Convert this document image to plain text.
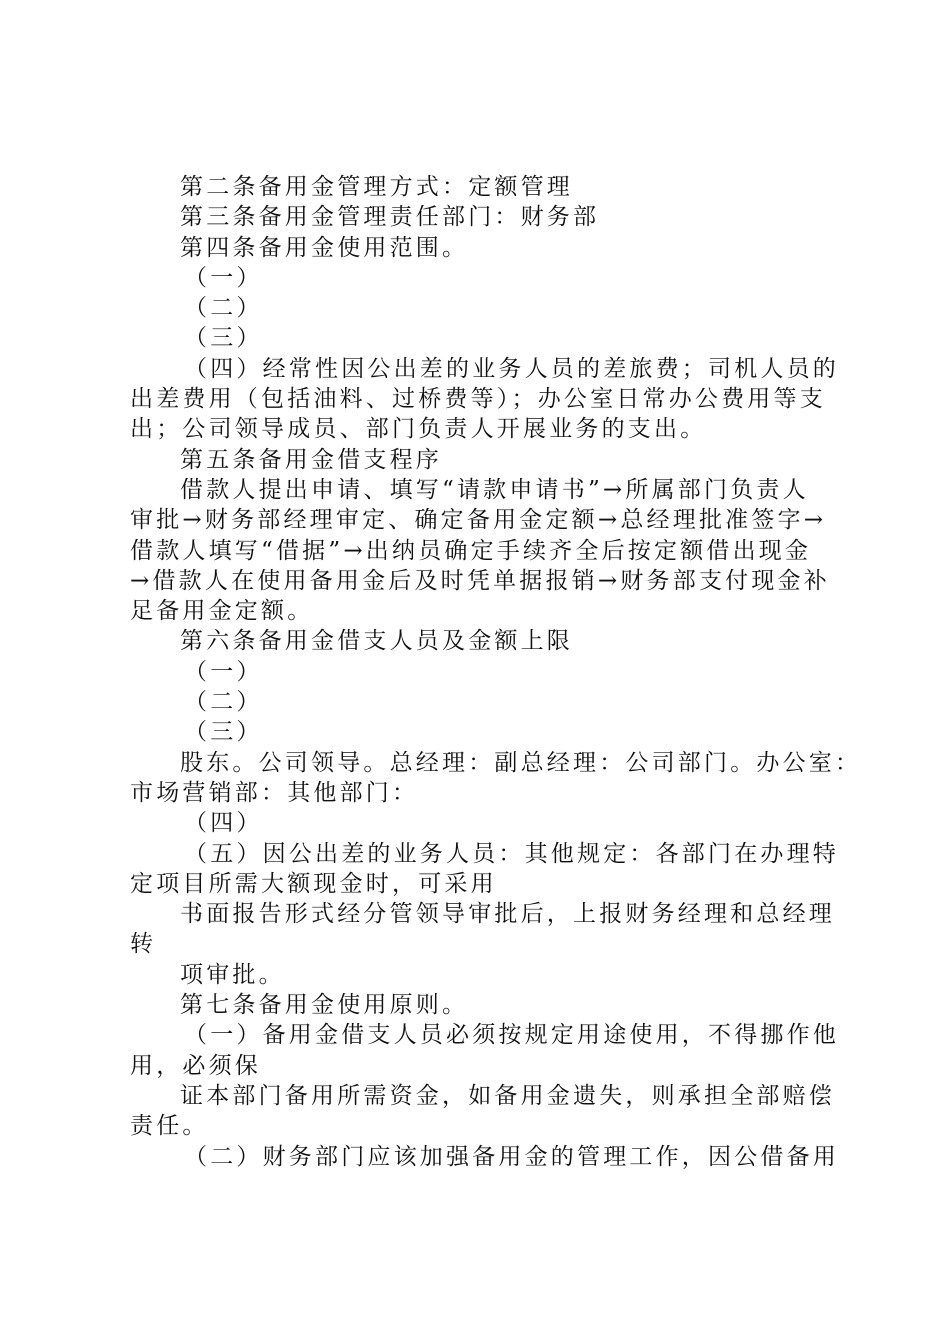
第二条备用金管理方式：定额管理
第三条备用金管理责任部门：财务部
第四条备用金使用范围。
（一）
（二）
（三）
（四）经常性因公出差的业务人员的差旅费；司机人员的
出差费用（包括油料、过桥费等）；办公室日常办公费用等支
出；公司领导成员、部门负责人开展业务的支出。
第五条备用金借支程序
借款人提出申请、填写“请款申请书”→所属部门负责人
审批→财务部经理审定、确定备用金定额→总经理批准签字→
借款人填写“借据”→出纳员确定手续齐全后按定额借出现金
→借款人在使用备用金后及时凭单据报销→财务部支付现金补
足备用金定额。
第六条备用金借支人员及金额上限
（一）
（二）
（三）
股东。公司领导。总经理：副总经理：公司部门。办公室：
市场营销部：其他部门：
（四）
（五）因公出差的业务人员：其他规定：各部门在办理特
定项目所需大额现金时，可采用
书面报告形式经分管领导审批后，上报财务经理和总经理
转
项审批。
第七条备用金使用原则。
（一）备用金借支人员必须按规定用途使用，不得挪作他
用，必须保
证本部门备用所需资金，如备用金遗失，则承担全部赔偿
责任。
（二）财务部门应该加强备用金的管理工作，因公借备用
